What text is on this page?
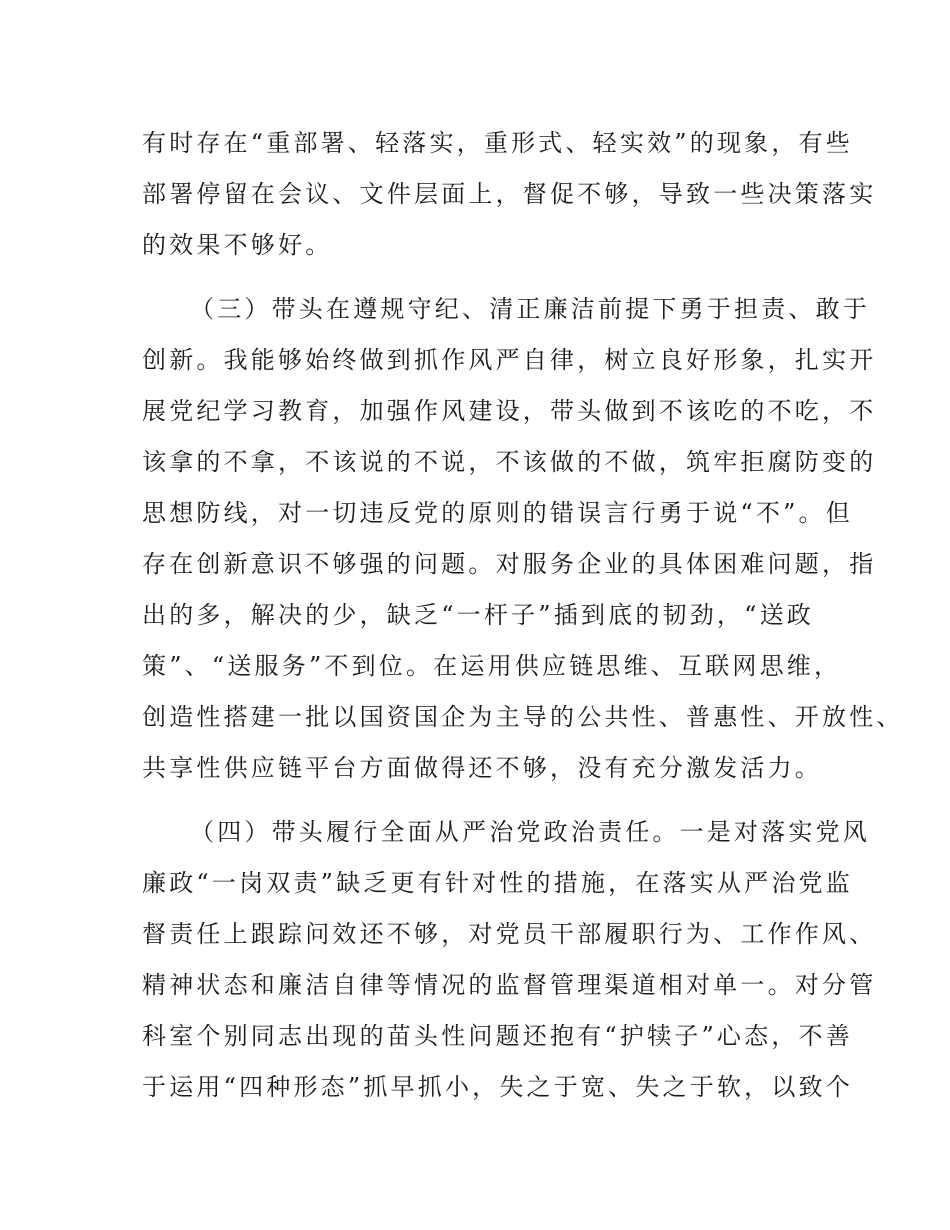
有时存在“重部署、轻落实，重形式、轻实效”的现象，有些
部署停留在会议、文件层面上，督促不够，导致一些决策落实
的效果不够好。
（三）带头在遵规守纪、清正廉洁前提下勇于担责、敢于
创新。我能够始终做到抓作风严自律，树立良好形象，扎实开
展党纪学习教育，加强作风建设，带头做到不该吃的不吃，不
该拿的不拿，不该说的不说，不该做的不做，筑牢拒腐防变的
思想防线，对一切违反党的原则的错误言行勇于说“不”。但
存在创新意识不够强的问题。对服务企业的具体困难问题，指
出的多，解决的少，缺乏“一杆子”插到底的韧劲，“送政
策”、“送服务”不到位。在运用供应链思维、互联网思维，
创造性搭建一批以国资国企为主导的公共性、普惠性、开放性、
共享性供应链平台方面做得还不够，没有充分激发活力。
（四）带头履行全面从严治党政治责任。一是对落实党风
廉政“一岗双责”缺乏更有针对性的措施，在落实从严治党监
督责任上跟踪问效还不够，对党员干部履职行为、工作作风、
精神状态和廉洁自律等情况的监督管理渠道相对单一。对分管
科室个别同志出现的苗头性问题还抱有“护犊子”心态，不善
于运用“四种形态”抓早抓小，失之于宽、失之于软，以致个
